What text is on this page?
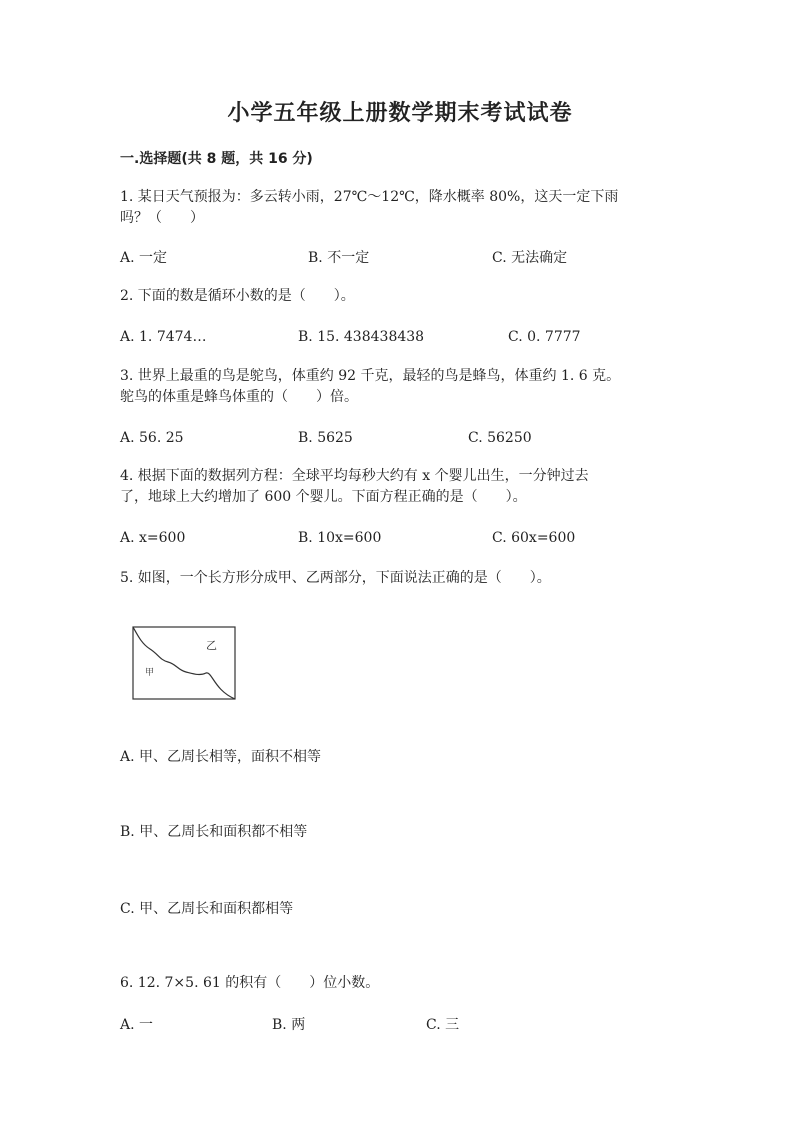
小学五年级上册数学期末考试试卷
一.选择题(共 8 题，共 16 分)
1. 某日天气预报为：多云转小雨，27℃～12℃，降水概率 80%，这天一定下雨
吗？（　　）
A. 一定	B. 不一定	C. 无法确定
2. 下面的数是循环小数的是（　　）。
A. 1. 7474…	B. 15. 438438438	C. 0. 7777
3. 世界上最重的鸟是鸵鸟，体重约 92 千克，最轻的鸟是蜂鸟，体重约 1. 6 克。
鸵鸟的体重是蜂鸟体重的（　　）倍。
A. 56. 25	B. 5625	C. 56250
4. 根据下面的数据列方程：全球平均每秒大约有 x 个婴儿出生，一分钟过去
了，地球上大约增加了 600 个婴儿。下面方程正确的是（　　）。
A. x=600	B. 10x=600	C. 60x=600
5. 如图，一个长方形分成甲、乙两部分，下面说法正确的是（　　）。
甲
乙
A. 甲、乙周长相等，面积不相等
B. 甲、乙周长和面积都不相等
C. 甲、乙周长和面积都相等
6. 12. 7×5. 61 的积有（　　）位小数。
A. 一	B. 两	C. 三
